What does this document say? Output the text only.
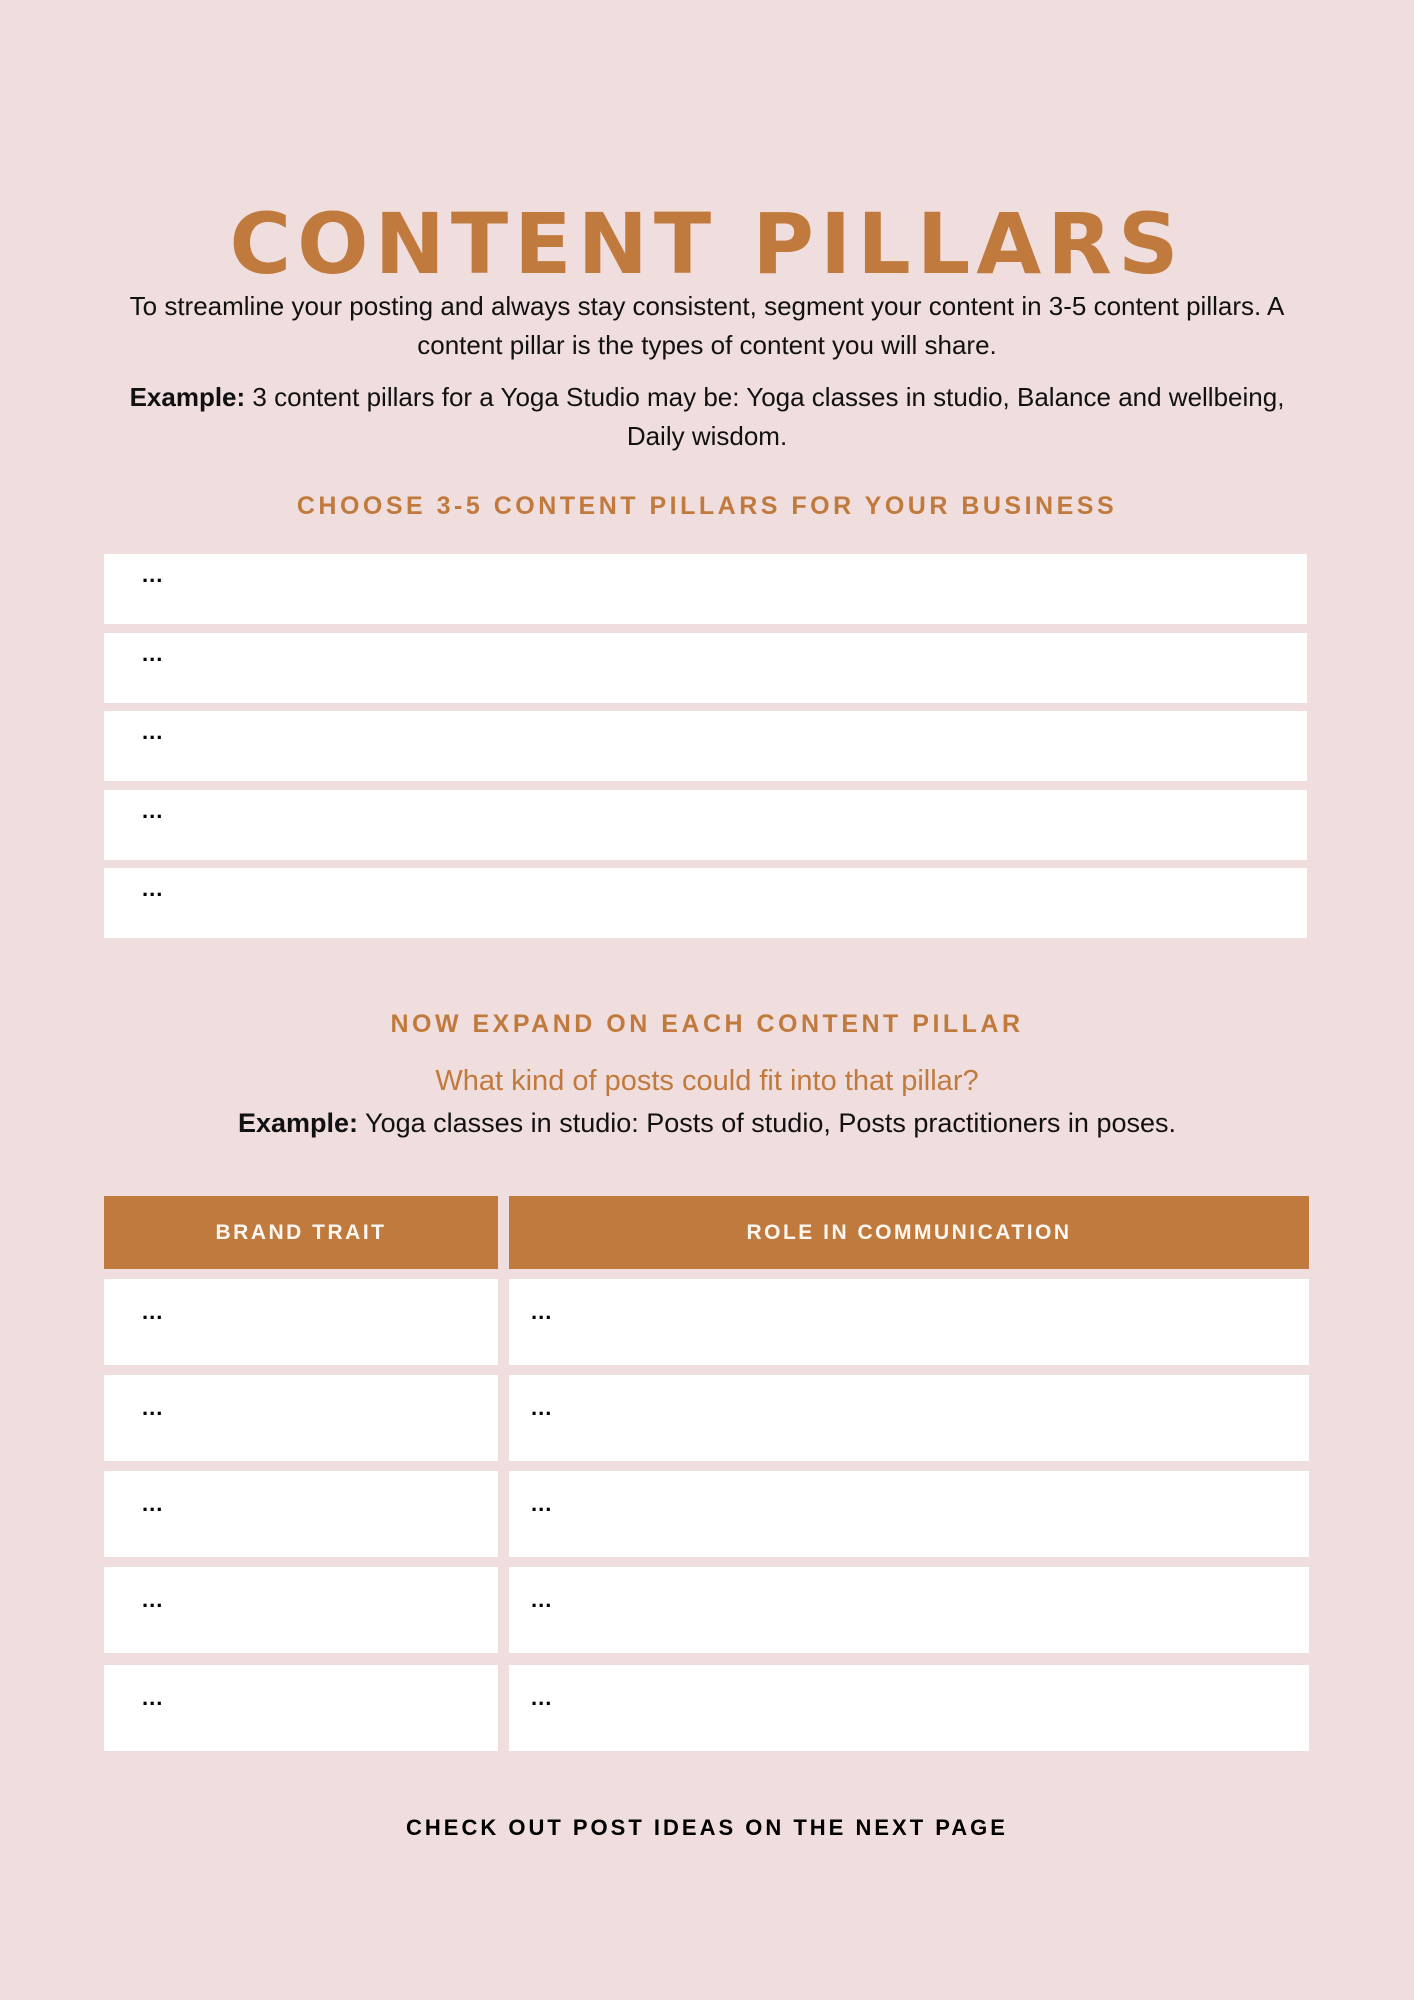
CONTENT PILLARS
To streamline your posting and always stay consistent, segment your content in 3-5 content pillars. A content pillar is the types of content you will share.
Example: 3 content pillars for a Yoga Studio may be: Yoga classes in studio, Balance and wellbeing, Daily wisdom.
CHOOSE 3-5 CONTENT PILLARS FOR YOUR BUSINESS
...
...
...
...
...
NOW EXPAND ON EACH CONTENT PILLAR
What kind of posts could fit into that pillar?
Example: Yoga classes in studio: Posts of studio, Posts practitioners in poses.
BRAND TRAIT	ROLE IN COMMUNICATION
...	...
...	...
...	...
...	...
...	...
CHECK OUT POST IDEAS ON THE NEXT PAGE
